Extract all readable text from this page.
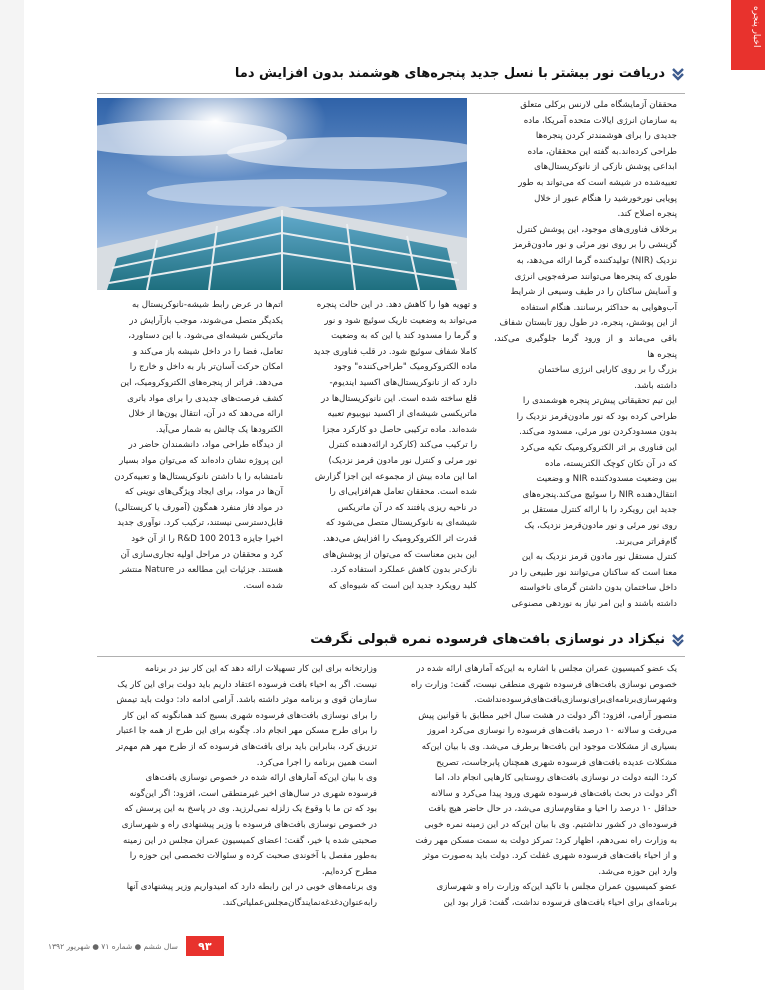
اخبار پنجره
دریافت نور بیشتر با نسل جدید پنجره‌های هوشمند بدون افزایش دما
محققان آزمایشگاه ملی لارنس برکلی متعلق
به سازمان انرژی ایالات متحده آمریکا، ماده
جدیدی را برای هوشمندتر کردن پنجره‌ها
طراحی کرده‌اند.به گفته این محققان، ماده
ابداعی پوشش نازکی از نانوکریستال‌های
تعبیه‌شده در شیشه است که می‌تواند به طور
پویایی نورخورشید را هنگام عبور از خلال
پنجره اصلاح کند.
برخلاف فناوری‌های موجود، این پوشش کنترل
گزینشی را بر روی نور مرئی و نور مادون‌قرمز
نزدیک (NIR) تولیدکننده گرما ارائه می‌دهد، به
طوری که پنجره‌ها می‌توانند صرفه‌جویی انرژی
و آسایش ساکنان را در طیف وسیعی از شرایط
آب‌وهوایی به حداکثر برسانند. هنگام استفاده
از این پوشش، پنجره، در طول روز تابستان شفاف
باقی می‌ماند و از ورود گرما جلوگیری می‌کند، پنجره ها
بزرگ را بر روی کارایی انرژی ساختمان
داشته باشد.
این تیم تحقیقاتی پیش‌تر پنجره هوشمندی را
طراحی کرده بود که نور مادون‌قرمز نزدیک را
بدون مسدودکردن نور مرئی، مسدود می‌کند.
این فناوری بر اثر الکتروکرومیک تکیه می‌کرد
که در آن تکان کوچک الکتریسته، ماده
بین وضعیت مسدودکننده NIR و وضعیت
انتقال‌دهنده NIR را سوئیچ می‌کند.پنجره‌های
جدید این رویکرد را با ارائه کنترل مستقل بر
روی نور مرئی و نور مادون‌قرمز نزدیک، یک
گام‌فراتر می‌برند.
کنترل مستقل نور مادون قرمز نزدیک به این
معنا است که ساکنان می‌توانند نور طبیعی را در
داخل ساختمان بدون داشتن گرمای ناخواسته
داشته باشند و این امر نیاز به نوردهی مصنوعی
و تهویه هوا را کاهش دهد. در این حالت پنجره
می‌تواند به وضعیت تاریک سوئیچ شود و نور
و گرما را مسدود کند یا این که به وضعیت
کاملا شفاف سوئیچ شود. در قلب فناوری جدید
ماده الکتروکرومیک "طراحی‌کننده" وجود
دارد که از نانوکریستال‌های اکسید ایندیوم-
قلع ساخته شده است. این نانوکریستال‌ها در
ماتریکسی شیشه‌ای از اکسید نیوبیوم تعبیه
شده‌اند. ماده ترکیبی حاصل دو کارکرد مجزا
را ترکیب می‌کند (کارکرد ارائه‌دهنده کنترل
نور مرئی و کنترل نور مادون قرمز نزدیک)
اما این ماده بیش از مجموعه این اجزا گزارش
شده است. محققان تعامل هم‌افزایی‌ای را
در ناحیه ریزی یافتند که در آن ماتریکس
شیشه‌ای به نانوکریستال متصل می‌شود که
قدرت اثر الکتروکرومیک را افزایش می‌دهد.
این بدین معناست که می‌توان از پوشش‌های
نازک‌تر بدون کاهش عملکرد استفاده کرد.
کلید رویکرد جدید این است که شیوه‌ای که
اتم‌ها در عرض رابط شیشه-نانوکریستال به
یکدیگر متصل می‌شوند، موجب بازآرایش در
ماتریکس شیشه‌ای می‌شود. با این دستاورد،
تعامل، فضا را در داخل شیشه باز می‌کند و
امکان حرکت آسان‌تر بار به داخل و خارج را
می‌دهد. فراتر از پنجره‌های الکتروکرومیک، این
کشف فرصت‌های جدیدی را برای مواد باتری
ارائه می‌دهد که در آن، انتقال یون‌ها از خلال
الکترودها یک چالش به شمار می‌آید.
از دیدگاه طراحی مواد، دانشمندان حاضر در
این پروژه نشان داده‌اند که می‌توان مواد بسیار
نامتشابه را با داشتن نانوکریستال‌ها و تعبیه‌کردن
آن‌ها در مواد، برای ایجاد ویژگی‌های نوینی که
در مواد فاز منفرد همگون (آمورف یا کریستالی)
قابل‌دسترسی نیستند، ترکیب کرد. نوآوری جدید
اخیرا جایزه R&D 100 2013 را از آن خود
کرد و محققان در مراحل اولیه تجاری‌سازی آن
هستند. جزئیات این مطالعه در Nature منتشر
شده است.
نیکزاد در نوسازی بافت‌های فرسوده نمره قبولی نگرفت
یک عضو کمیسیون عمران مجلس با اشاره به این‌که آمارهای ارائه شده در
خصوص نوسازی بافت‌های فرسوده شهری منطقی نیست، گفت: وزارت راه
وشهرسازی‌برنامه‌ای‌برای‌نوسازی‌بافت‌های‌فرسوده‌نداشت.
منصور آرامی، افزود: اگر دولت در هشت سال اخیر مطابق با قوانین پیش
می‌رفت و سالانه ۱۰ درصد بافت‌های فرسوده را نوسازی می‌کرد امروز
بسیاری از مشکلات موجود این بافت‌ها برطرف می‌شد. وی با بیان این‌که
مشکلات عدیده بافت‌های فرسوده شهری همچنان پابرجاست، تصریح
کرد: البته دولت در نوسازی بافت‌های روستایی کارهایی انجام داد، اما
اگر دولت در بحث بافت‌های فرسوده شهری ورود پیدا می‌کرد و سالانه
حداقل ۱۰ درصد را احیا و مقاوم‌سازی می‌شد، در حال حاضر هیچ بافت
فرسوده‌ای در کشور نداشتیم. وی با بیان این‌که در این زمینه نمره خوبی
به وزارت راه نمی‌دهم، اظهار کرد: تمرکز دولت به سمت مسکن مهر رفت
و از احیاء بافت‌های فرسوده شهری غفلت کرد. دولت باید به‌صورت موثر
وارد این حوزه می‌شد.
عضو کمیسیون عمران مجلس با تاکید این‌که وزارت راه و شهرسازی
برنامه‌ای برای احیاء بافت‌های فرسوده نداشت، گفت: قرار بود این
وزارتخانه برای این کار تسهیلات ارائه دهد که این کار نیز در برنامه
نیست. اگر به احیاء بافت فرسوده اعتقاد داریم باید دولت برای این کار یک
سازمان قوی و برنامه موثر داشته باشد. آرامی ادامه داد: دولت باید تیمش
را برای نوسازی بافت‌های فرسوده شهری بسیج کند همانگونه که این کار
را برای طرح مسکن مهر انجام داد. چگونه برای این طرح از همه جا اعتبار
تزریق کرد، بنابراین باید برای بافت‌های فرسوده که از طرح مهر هم مهم‌تر
است همین برنامه را اجرا می‌کرد.
وی با بیان این‌که آمارهای ارائه شده در خصوص نوسازی بافت‌های
فرسوده شهری در سال‌های اخیر غیرمنطقی است، افزود: اگر این‌گونه
بود که تن ما با وقوع یک زلزله نمی‌لرزید. وی در پاسخ به این پرسش که
در خصوص نوسازی بافت‌های فرسوده با وزیر پیشنهادی راه و شهرسازی
صحبتی شده یا خیر، گفت: اعضای کمیسیون عمران مجلس در این زمینه
به‌طور مفصل با آخوندی صحبت کرده و سئوالات تخصصی این حوزه را
مطرح کرده‌ایم.
وی برنامه‌های خوبی در این رابطه دارد که امیدواریم وزیر پیشنهادی آنها
رابه‌عنوان‌دغدغه‌نمایندگان‌مجلس‌عملیاتی‌کند.
۹۳
سال ششم ● شماره ۷۱ ● شهریور ۱۳۹۲
